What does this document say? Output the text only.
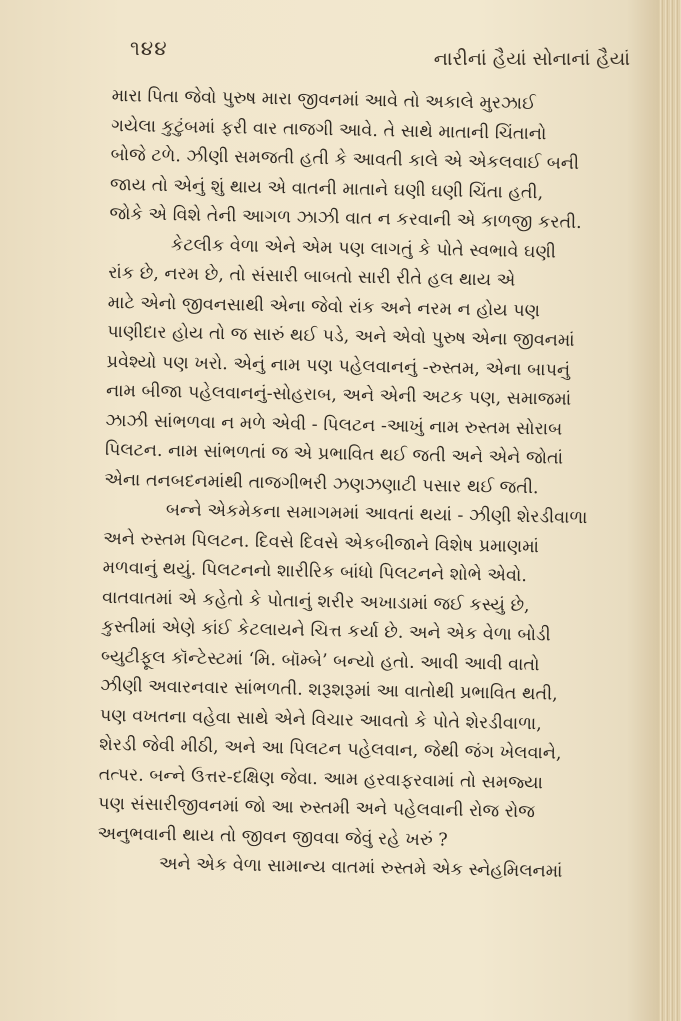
૧૪૪	નારીનાં હૈયાં સોનાનાં હૈયાં

મારા પિતા જેવો પુરુષ મારા જીવનમાં આવે તો અકાલે મુરઝાઈ
ગયેલા કુટુંબમાં ફરી વાર તાજગી આવે. તે સાથે માતાની ચિંતાનો
બોજે ટળે. ઝીણી સમજતી હતી કે આવતી કાલે એ એકલવાઈ બની
જાય તો એનું શું થાય એ વાતની માતાને ઘણી ઘણી ચિંતા હતી,
જોકે એ વિશે તેની આગળ ઝાઝી વાત ન કરવાની એ કાળજી કરતી.

કેટલીક વેળા એને એમ પણ લાગતું કે પોતે સ્વભાવે ઘણી
રાંક છે, નરમ છે, તો સંસારી બાબતો સારી રીતે હલ થાય એ
માટે એનો જીવનસાથી એના જેવો રાંક અને નરમ ન હોય પણ
પાણીદાર હોય તો જ સારું થઈ પડે, અને એવો પુરુષ એના જીવનમાં
પ્રવેશ્યો પણ ખરો. એનું નામ પણ પહેલવાનનું -રુસ્તમ, એના બાપનું
નામ બીજા પહેલવાનનું-સોહરાબ, અને એની અટક પણ, સમાજમાં
ઝાઝી સાંભળવા ન મળે એવી - પિલટન -આખું નામ રુસ્તમ સોરાબ
પિલટન. નામ સાંભળતાં જ એ પ્રભાવિત થઈ જતી અને એને જોતાં
એના તનબદનમાંથી તાજગીભરી ઝણઝણાટી પસાર થઈ જતી.

બન્ને એકમેકના સમાગમમાં આવતાં થયાં - ઝીણી શેરડીવાળા
અને રુસ્તમ પિલટન. દિવસે દિવસે એકબીજાને વિશેષ પ્રમાણમાં
મળવાનું થયું. પિલટનનો શારીરિક બાંધો પિલટનને શોભે એવો.
વાતવાતમાં એ કહેતો કે પોતાનું શરીર અખાડામાં જઈ કસ્યું છે,
કુસ્તીમાં એણે કાંઈ કેટલાયને ચિત્ત કર્યા છે. અને એક વેળા બોડી
બ્યુટીફૂલ કૉન્ટેસ્ટમાં ‘મિ. બૉમ્બે’ બન્યો હતો. આવી આવી વાતો
ઝીણી અવારનવાર સાંભળતી. શરૂશરૂમાં આ વાતોથી પ્રભાવિત થતી,
પણ વખતના વહેવા સાથે એને વિચાર આવતો કે પોતે શેરડીવાળા,
શેરડી જેવી મીઠી, અને આ પિલટન પહેલવાન, જેથી જંગ ખેલવાને,
તત્પર. બન્ને ઉત્તર-દક્ષિણ જેવા. આમ હરવાફરવામાં તો સમજ્યા
પણ સંસારીજીવનમાં જો આ રુસ્તમી અને પહેલવાની રોજ રોજ
અનુભવાની થાય તો જીવન જીવવા જેવું રહે ખરું ?

અને એક વેળા સામાન્ય વાતમાં રુસ્તમે એક સ્નેહમિલનમાં
